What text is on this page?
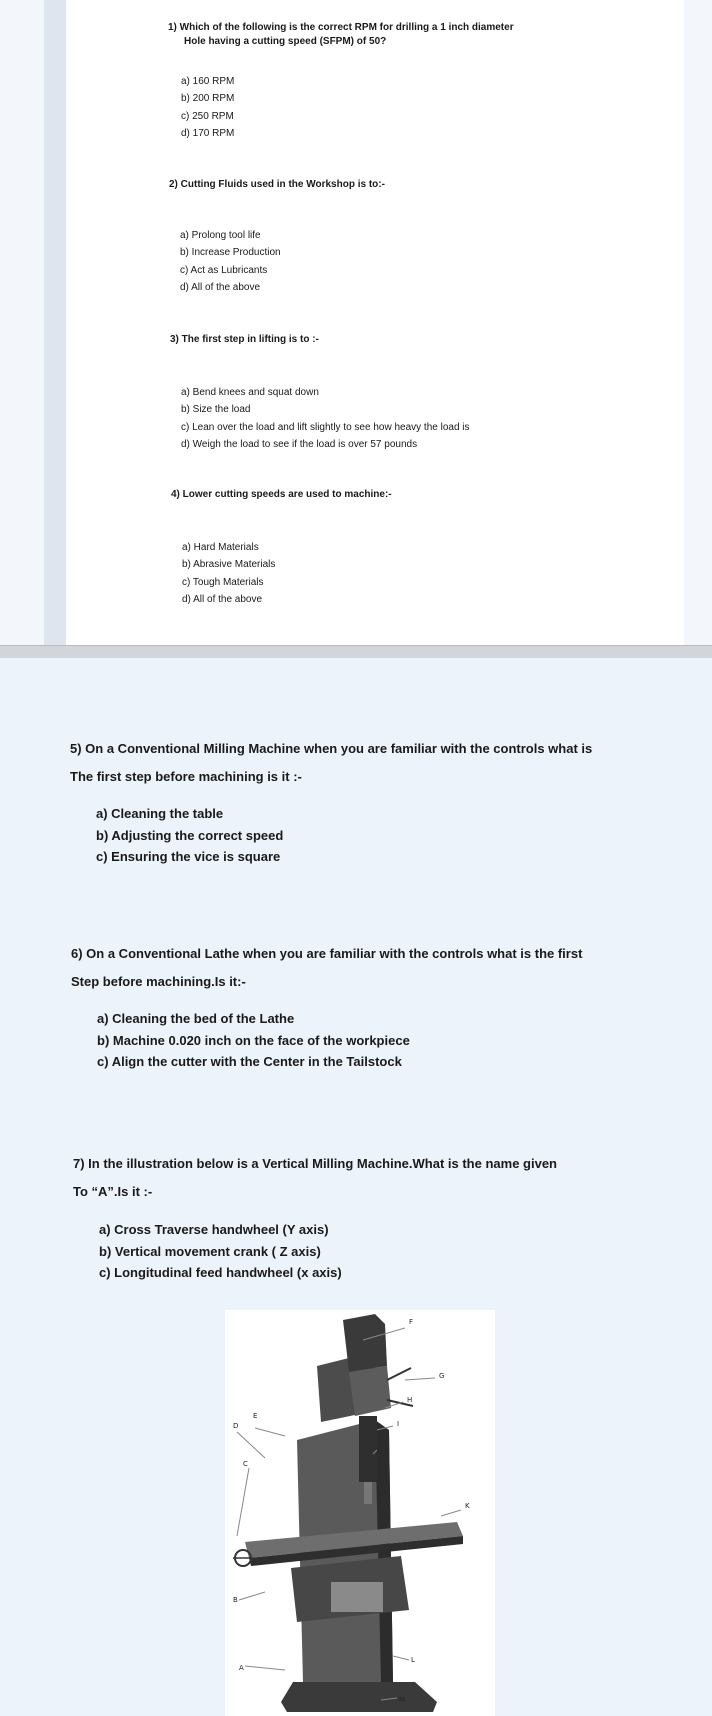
1) Which of the following is the correct RPM for drilling a 1 inch diameter
Hole having a cutting speed (SFPM) of 50?
a) 160 RPM
b) 200 RPM
c) 250 RPM
d) 170 RPM
2) Cutting Fluids used in the Workshop is to:-
a) Prolong tool life
b) Increase Production
c) Act as Lubricants
d) All of the above
3) The first step in lifting is to :-
a) Bend knees and squat down
b) Size the load
c) Lean over the load and lift slightly to see how heavy the load is
d) Weigh the load to see if the load is over 57 pounds
4) Lower cutting speeds are used to machine:-
a) Hard Materials
b) Abrasive Materials
c) Tough Materials
d) All of the above
5) On a Conventional Milling Machine when you are familiar with the controls what is
The first step before machining is it :-
a) Cleaning the table
b) Adjusting the correct speed
c) Ensuring the vice is square
6) On a Conventional Lathe when you are familiar with the controls what is the first
Step before machining.Is it:-
a) Cleaning the bed of the Lathe
b) Machine 0.020 inch on the face of the workpiece
c) Align the cutter with the Center in the Tailstock
7) In the illustration below is a Vertical Milling Machine.What is the name given
To “A”.Is it :-
a) Cross Traverse handwheel (Y axis)
b) Vertical movement crank ( Z axis)
c) Longitudinal feed handwheel (x axis)
F
G
H
I
J
K
E
D
C
B
A
L
M
